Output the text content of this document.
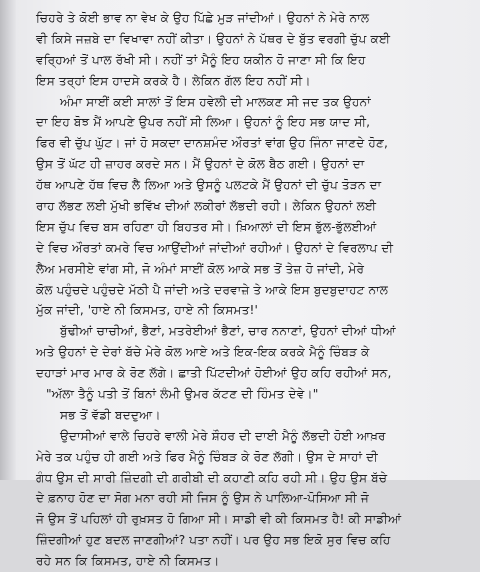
ਚਿਹਰੇ ਤੇ ਕੋਈ ਭਾਵ ਨਾ ਵੇਖ ਕੇ ਉਹ ਪਿੱਛੇ ਮੁੜ ਜਾਂਦੀਆਂ। ਉਹਨਾਂ ਨੇ ਮੇਰੇ ਨਾਲ
ਵੀ ਕਿਸੇ ਜਜ਼ਬੇ ਦਾ ਵਿਖਾਵਾ ਨਹੀਂ ਕੀਤਾ। ਉਹਨਾਂ ਨੇ ਪੱਥਰ ਦੇ ਬੁੱਤ ਵਰਗੀ ਚੁੱਪ ਕਈ
ਵਰ੍ਹਿਆਂ ਤੋਂ ਪਾਲ ਰੱਖੀ ਸੀ। ਨਹੀਂ ਤਾਂ ਮੈਨੂੰ ਇਹ ਯਕੀਨ ਹੋ ਜਾਣਾ ਸੀ ਕਿ ਇਹ
ਇਸ ਤਰ੍ਹਾਂ ਇਸ ਹਾਦਸੇ ਕਰਕੇ ਹੈ। ਲੇਕਿਨ ਗੱਲ ਇਹ ਨਹੀਂ ਸੀ।
ਅੰਮਾ ਸਾਈਂ ਕਈ ਸਾਲਾਂ ਤੋਂ ਇਸ ਹਵੇਲੀ ਦੀ ਮਾਲਕਣ ਸੀ ਜਦ ਤਕ ਉਹਨਾਂ
ਦਾ ਇਹ ਬੋਝ ਮੈਂ ਆਪਣੇ ਉਪਰ ਨਹੀਂ ਸੀ ਲਿਆ। ਉਹਨਾਂ ਨੂੰ ਇਹ ਸਭ ਯਾਦ ਸੀ,
ਫਿਰ ਵੀ ਚੁੱਪ ਘੁੱਟ। ਜਾਂ ਹੋ ਸਕਦਾ ਦਾਨਸ਼ਮੰਦ ਔਰਤਾਂ ਵਾਂਗ ਉਹ ਜਿੰਨਾ ਜਾਣਦੇ ਹੋਣ,
ਉਸ ਤੋਂ ਘੱਟ ਹੀ ਜ਼ਾਹਰ ਕਰਦੇ ਸਨ। ਮੈਂ ਉਹਨਾਂ ਦੇ ਕੋਲ ਬੈਠ ਗਈ। ਉਹਨਾਂ ਦਾ
ਹੱਥ ਆਪਣੇ ਹੱਥ ਵਿਚ ਲੈ ਲਿਆ ਅਤੇ ਉਸਨੂੰ ਪਲਟਕੇ ਮੈਂ ਉਹਨਾਂ ਦੀ ਚੁੱਪ ਤੋੜਨ ਦਾ
ਰਾਹ ਲੱਭਣ ਲਈ ਮੁੱਖੀ ਭਵਿੱਖ ਦੀਆਂ ਲਕੀਰਾਂ ਲੱਭਦੀ ਰਹੀ। ਲੇਕਿਨ ਉਹਨਾਂ ਲਈ
ਇਸ ਚੁੱਪ ਵਿਚ ਬਸ ਰਹਿਣਾ ਹੀ ਬਿਹਤਰ ਸੀ। ਖ਼ਿਆਲਾਂ ਦੀ ਇਸ ਭੁੱਲ-ਭੁੱਲਈਆਂ
ਦੇ ਵਿਚ ਔਰਤਾਂ ਕਮਰੇ ਵਿਚ ਆਉਂਦੀਆਂ ਜਾਂਦੀਆਂ ਰਹੀਆਂ। ਉਹਨਾਂ ਦੇ ਵਿਰਲਾਪ ਦੀ
ਲੈਅ ਮਰਸੀਏ ਵਾਂਗ ਸੀ, ਜੋ ਅੰਮਾਂ ਸਾਈਂ ਕੋਲ ਆਕੇ ਸਭ ਤੋਂ ਤੇਜ਼ ਹੋ ਜਾਂਦੀ, ਮੇਰੇ
ਕੋਲ ਪਹੁੰਚਦੇ ਪਹੁੰਚਦੇ ਮੱਠੀ ਪੈ ਜਾਂਦੀ ਅਤੇ ਦਰਵਾਜ਼ੇ ਤੇ ਆਕੇ ਇਸ ਬੁਦਬੁਦਾਹਟ ਨਾਲ
ਮੁੱਕ ਜਾਂਦੀ, 'ਹਾਏ ਨੀ ਕਿਸਮਤ, ਹਾਏ ਨੀ ਕਿਸਮਤ!'
ਬੁੱਢੀਆਂ ਚਾਚੀਆਂ, ਭੈਣਾਂ, ਮਤਰੇਈਆਂ ਭੈਣਾਂ, ਚਾਰ ਨਨਾਣਾਂ, ਉਹਨਾਂ ਦੀਆਂ ਧੀਆਂ
ਅਤੇ ਉਹਨਾਂ ਦੇ ਦੇਰਾਂ ਬੱਚੇ ਮੇਰੇ ਕੋਲ ਆਏ ਅਤੇ ਇਕ-ਇਕ ਕਰਕੇ ਮੈਨੂੰ ਚਿੰਬੜ ਕੇ
ਦਹਾੜਾਂ ਮਾਰ ਮਾਰ ਕੇ ਰੋਣ ਲੱਗੇ। ਛਾਤੀ ਪਿੱਟਦੀਆਂ ਹੋਈਆਂ ਉਹ ਕਹਿ ਰਹੀਆਂ ਸਨ,
"ਅੱਲਾ ਤੈਨੂੰ ਪਤੀ ਤੋਂ ਬਿਨਾਂ ਲੰਮੀ ਉਮਰ ਕੱਟਣ ਦੀ ਹਿੰਮਤ ਦੇਵੇ।"
ਸਭ ਤੋਂ ਵੱਡੀ ਬਦਦੁਆ।
ਉਦਾਸੀਆਂ ਵਾਲੇ ਚਿਹਰੇ ਵਾਲੀ ਮੇਰੇ ਸ਼ੌਹਰ ਦੀ ਦਾਈ ਮੈਨੂੰ ਲੱਭਦੀ ਹੋਈ ਆਖ਼ਰ
ਮੇਰੇ ਤਕ ਪਹੁੰਚ ਹੀ ਗਈ ਅਤੇ ਫਿਰ ਮੈਨੂੰ ਚਿੰਬੜ ਕੇ ਰੋਣ ਲੱਗੀ। ਉਸ ਦੇ ਸਾਹਾਂ ਦੀ
ਗੰਧ ਉਸ ਦੀ ਸਾਰੀ ਜ਼ਿੰਦਗੀ ਦੀ ਗਰੀਬੀ ਦੀ ਕਹਾਣੀ ਕਹਿ ਰਹੀ ਸੀ। ਉਹ ਉਸ ਬੱਚੇ
ਦੇ ਫ਼ਨਾਹ ਹੋਣ ਦਾ ਸੋਗ ਮਨਾ ਰਹੀ ਸੀ ਜਿਸ ਨੂੰ ਉਸ ਨੇ ਪਾਲਿਆ-ਪੋਸਿਆ ਸੀ ਜੋ
ਜੋ ਉਸ ਤੋਂ ਪਹਿਲਾਂ ਹੀ ਰੁਖ਼ਸਤ ਹੋ ਗਿਆ ਸੀ। ਸਾਡੀ ਵੀ ਕੀ ਕਿਸਮਤ ਹੈ! ਕੀ ਸਾਡੀਆਂ
ਜ਼ਿੰਦਗੀਆਂ ਹੁਣ ਬਦਲ ਜਾਣਗੀਆਂ? ਪਤਾ ਨਹੀਂ। ਪਰ ਉਹ ਸਭ ਇਕੋ ਸੁਰ ਵਿਚ ਕਹਿ
ਰਹੇ ਸਨ ਕਿ ਕਿਸਮਤ, ਹਾਏ ਨੀ ਕਿਸਮਤ।
